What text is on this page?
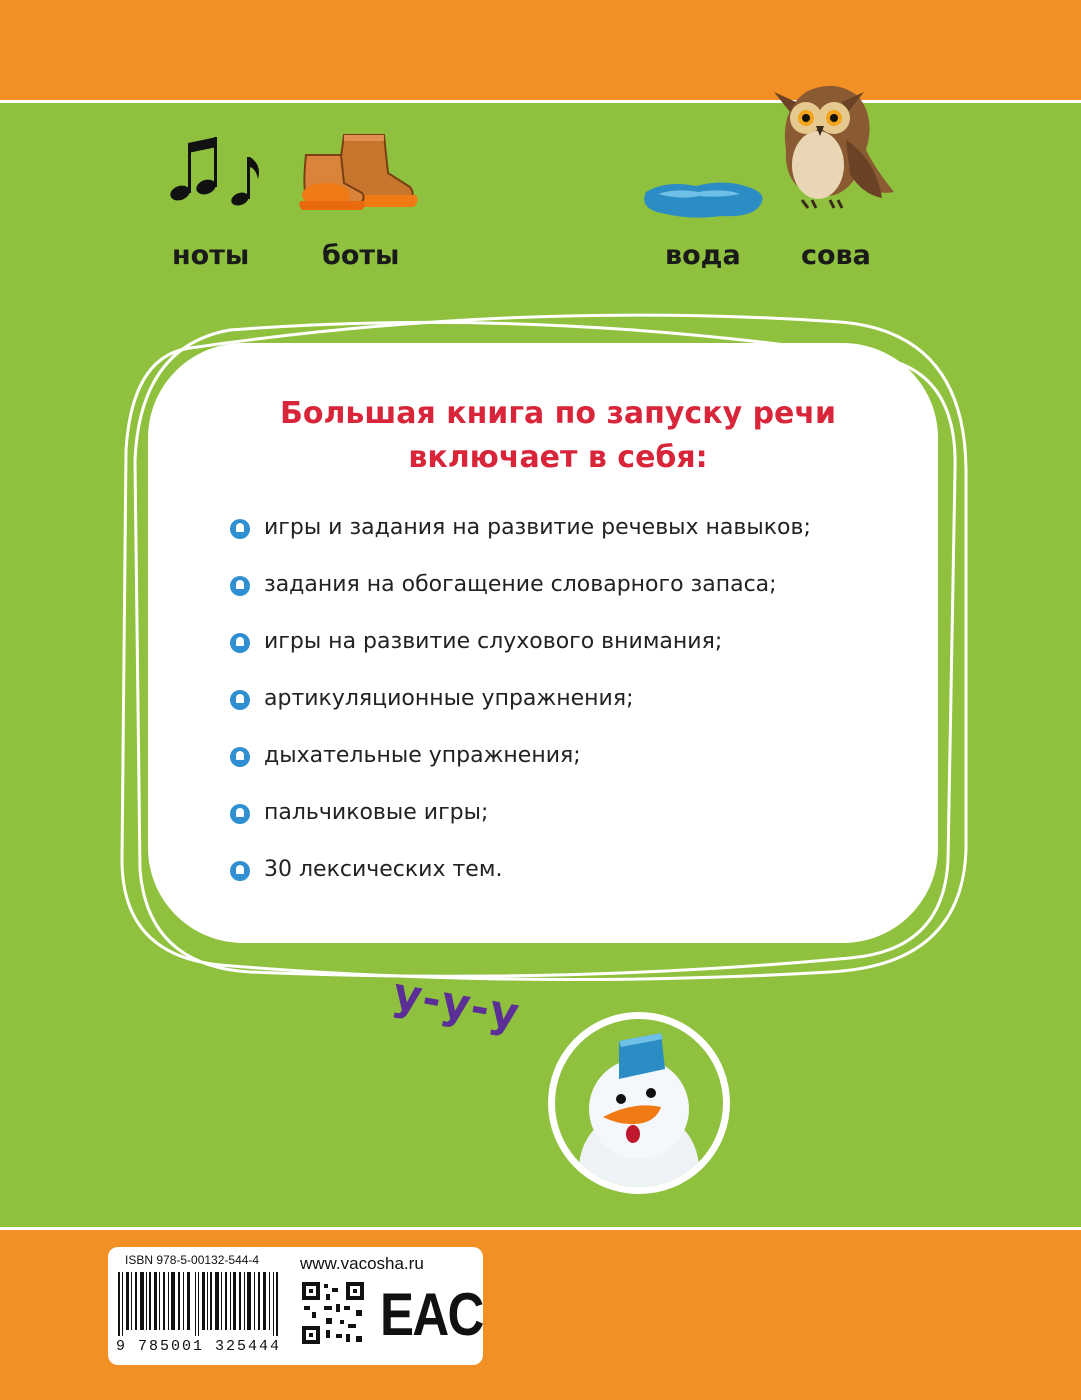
ноты	боты	вода сова
Большая книга по запуску речи
включает в себя:
игры и задания на развитие речевых навыков;
задания на обогащение словарного запаса;
игры на развитие слухового внимания;
артикуляционные упражнения;
дыхательные упражнения;
пальчиковые игры;
30 лексических тем.
у-у-у
ISBN 978-5-00132-544-4
9 785001 325444
www.vacosha.ru
EAC
